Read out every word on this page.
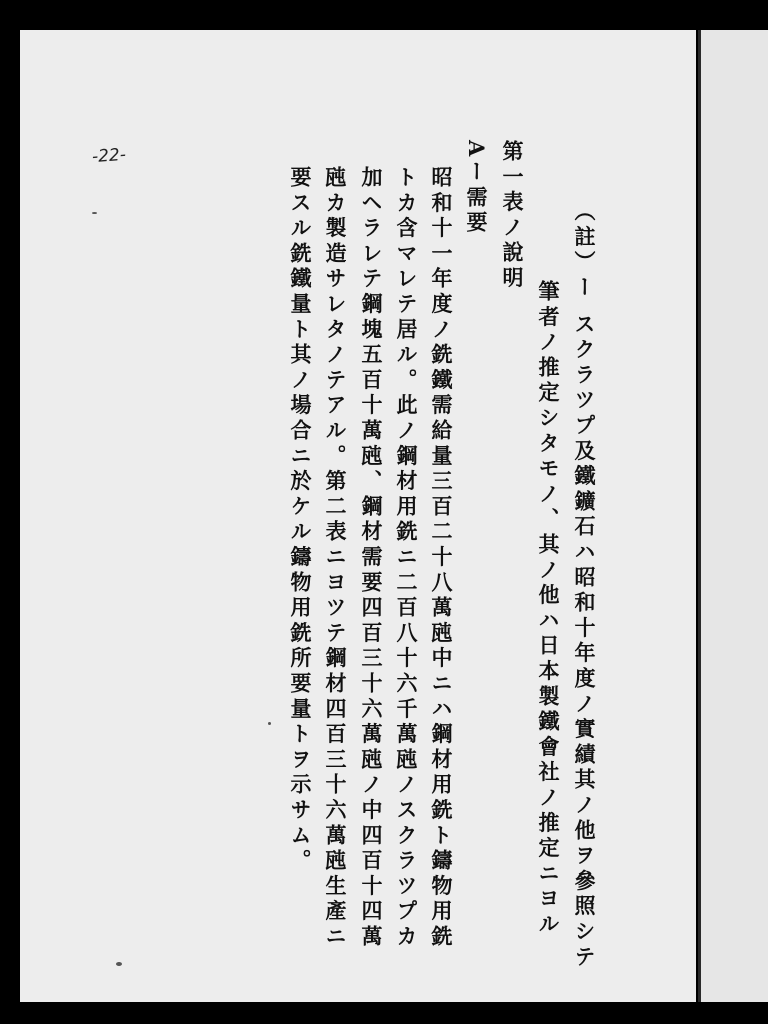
-22-
（註）ー スクラツプ及鐵鑛石ハ昭和十年度ノ實績其ノ他ヲ參照シテ
筆者ノ推定シタモノ、其ノ他ハ日本製鐵會社ノ推定ニヨル
第一表ノ說明
Aー需要
昭和十一年度ノ銑鐵需給量三百二十八萬瓲中ニハ鋼材用銑ト鑄物用銑
トカ含マレテ居ル。此ノ鋼材用銑ニ二百八十六千萬瓲ノスクラツプカ
加ヘラレテ鋼塊五百十萬瓲、鋼材需要四百三十六萬瓲ノ中四百十四萬
瓲カ製造サレタノテアル。第二表ニヨツテ鋼材四百三十六萬瓲生產ニ
要スル銑鐵量ト其ノ場合ニ於ケル鑄物用銑所要量トヲ示サム。
